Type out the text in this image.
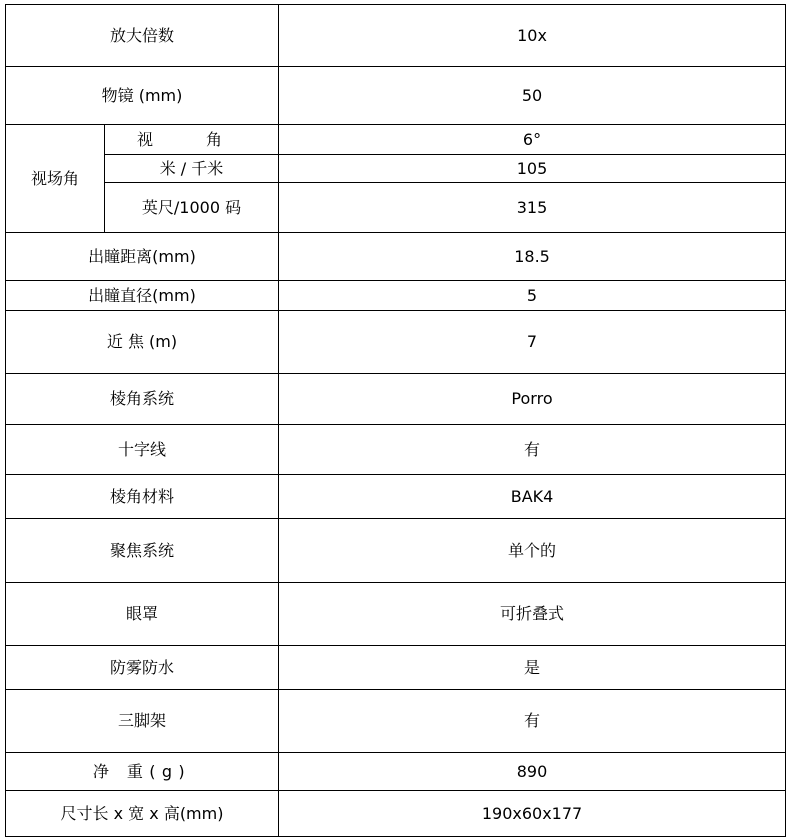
放大倍数		10x
物镜 (mm)		50
视场角	视 角	6°
	米 / 千米	105
	英尺/1000 码	315
出瞳距离(mm)		18.5
出瞳直径(mm)		5
近 焦 (m)		7
棱角系统		Porro
十字线		有
棱角材料		BAK4
聚焦系统		单个的
眼罩		可折叠式
防雾防水		是
三脚架		有
净 重(g)		890
尺寸长 x 宽 x 高(mm)		190x60x177
